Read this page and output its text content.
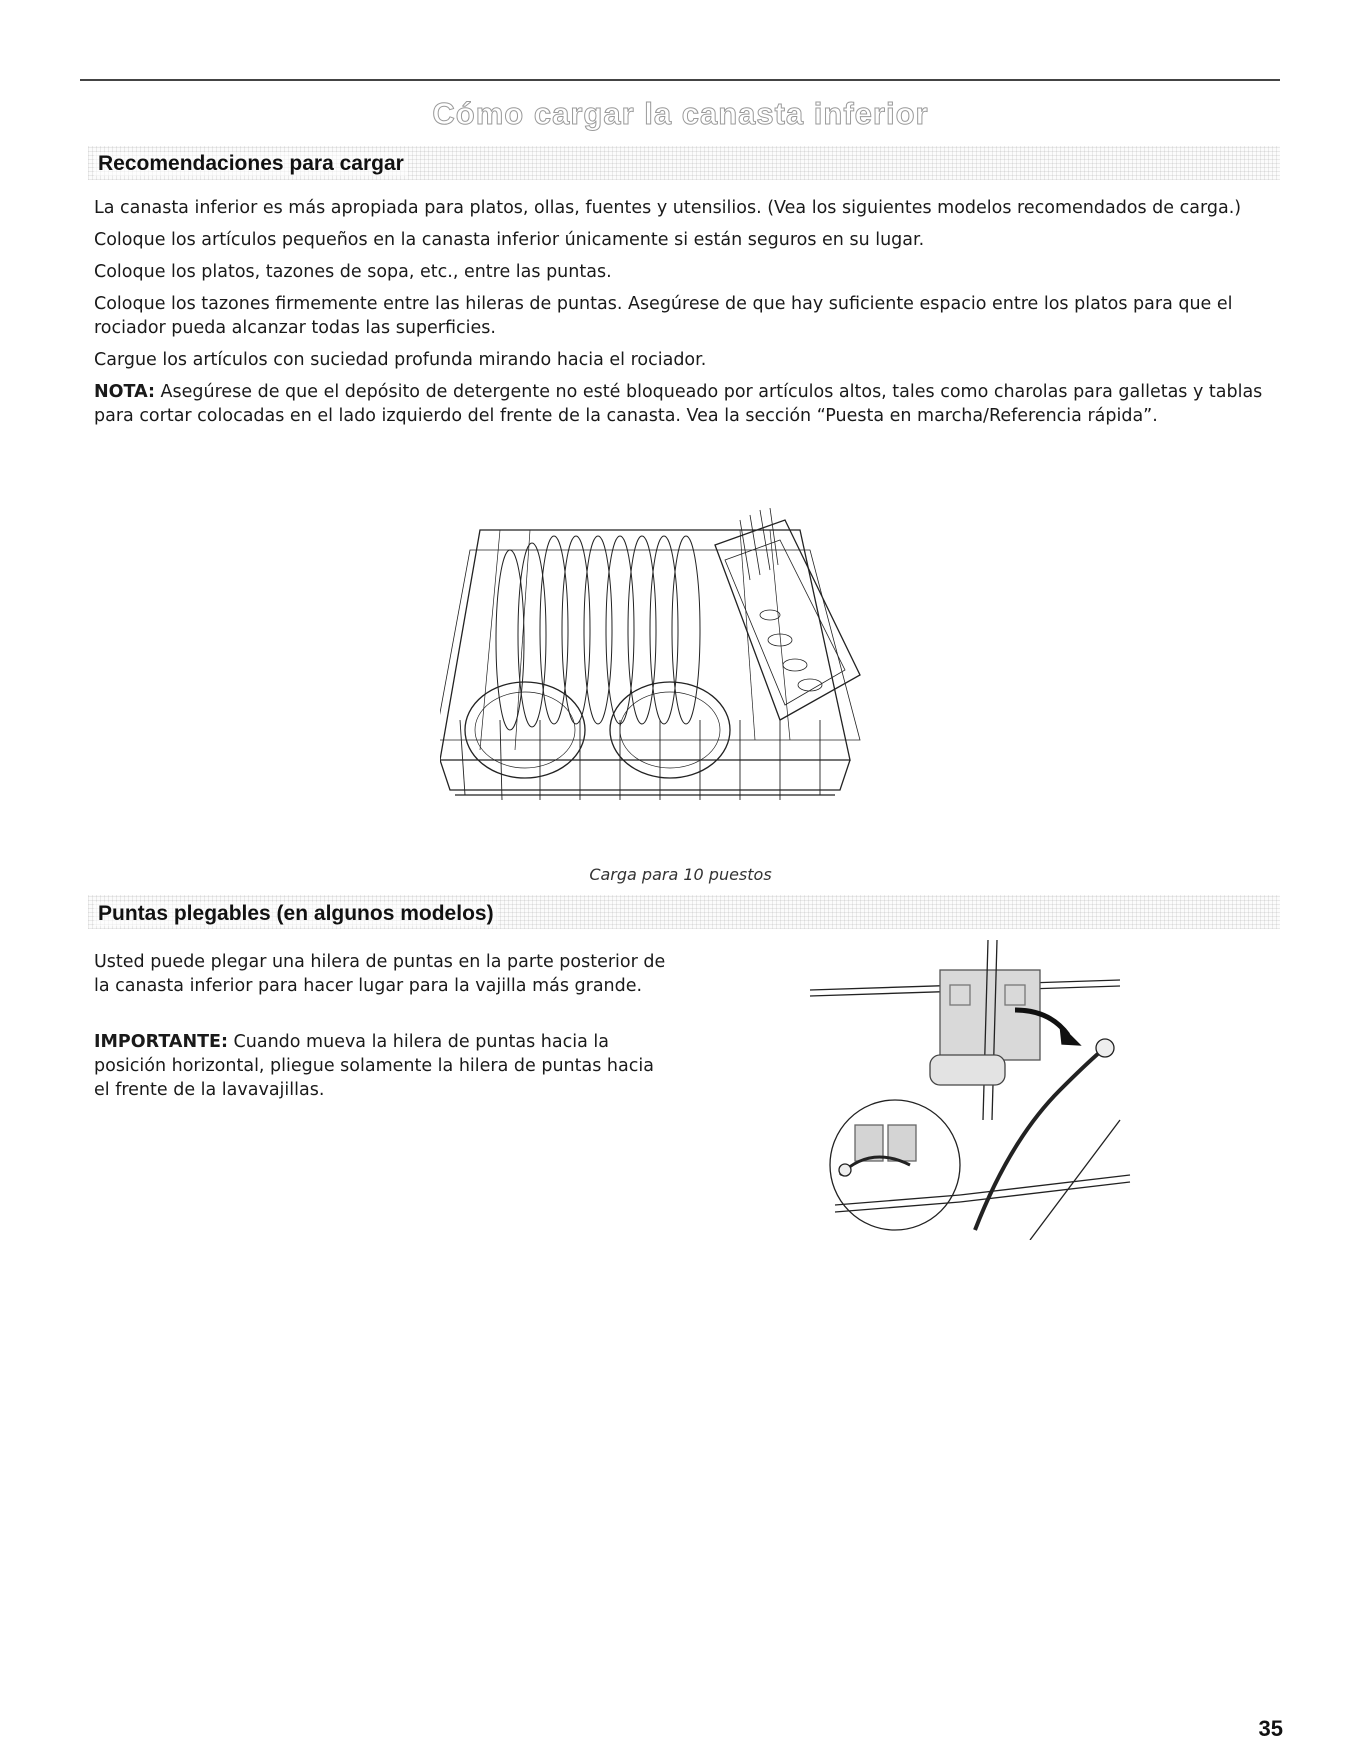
Cómo cargar la canasta inferior
Recomendaciones para cargar

La canasta inferior es más apropiada para platos, ollas, fuentes y utensilios. (Vea los siguientes modelos recomendados de carga.)

Coloque los artículos pequeños en la canasta inferior únicamente si están seguros en su lugar.

Coloque los platos, tazones de sopa, etc., entre las puntas.

Coloque los tazones firmemente entre las hileras de puntas. Asegúrese de que hay suficiente espacio entre los platos para que el rociador pueda alcanzar todas las superficies.

Cargue los artículos con suciedad profunda mirando hacia el rociador.

NOTA: Asegúrese de que el depósito de detergente no esté bloqueado por artículos altos, tales como charolas para galletas y tablas para cortar colocadas en el lado izquierdo del frente de la canasta. Vea la sección “Puesta en marcha/Referencia rápida”.

Carga para 10 puestos
Puntas plegables (en algunos modelos)

Usted puede plegar una hilera de puntas en la parte posterior de la canasta inferior para hacer lugar para la vajilla más grande.

IMPORTANTE: Cuando mueva la hilera de puntas hacia la posición horizontal, pliegue solamente la hilera de puntas hacia el frente de la lavavajillas.

35
